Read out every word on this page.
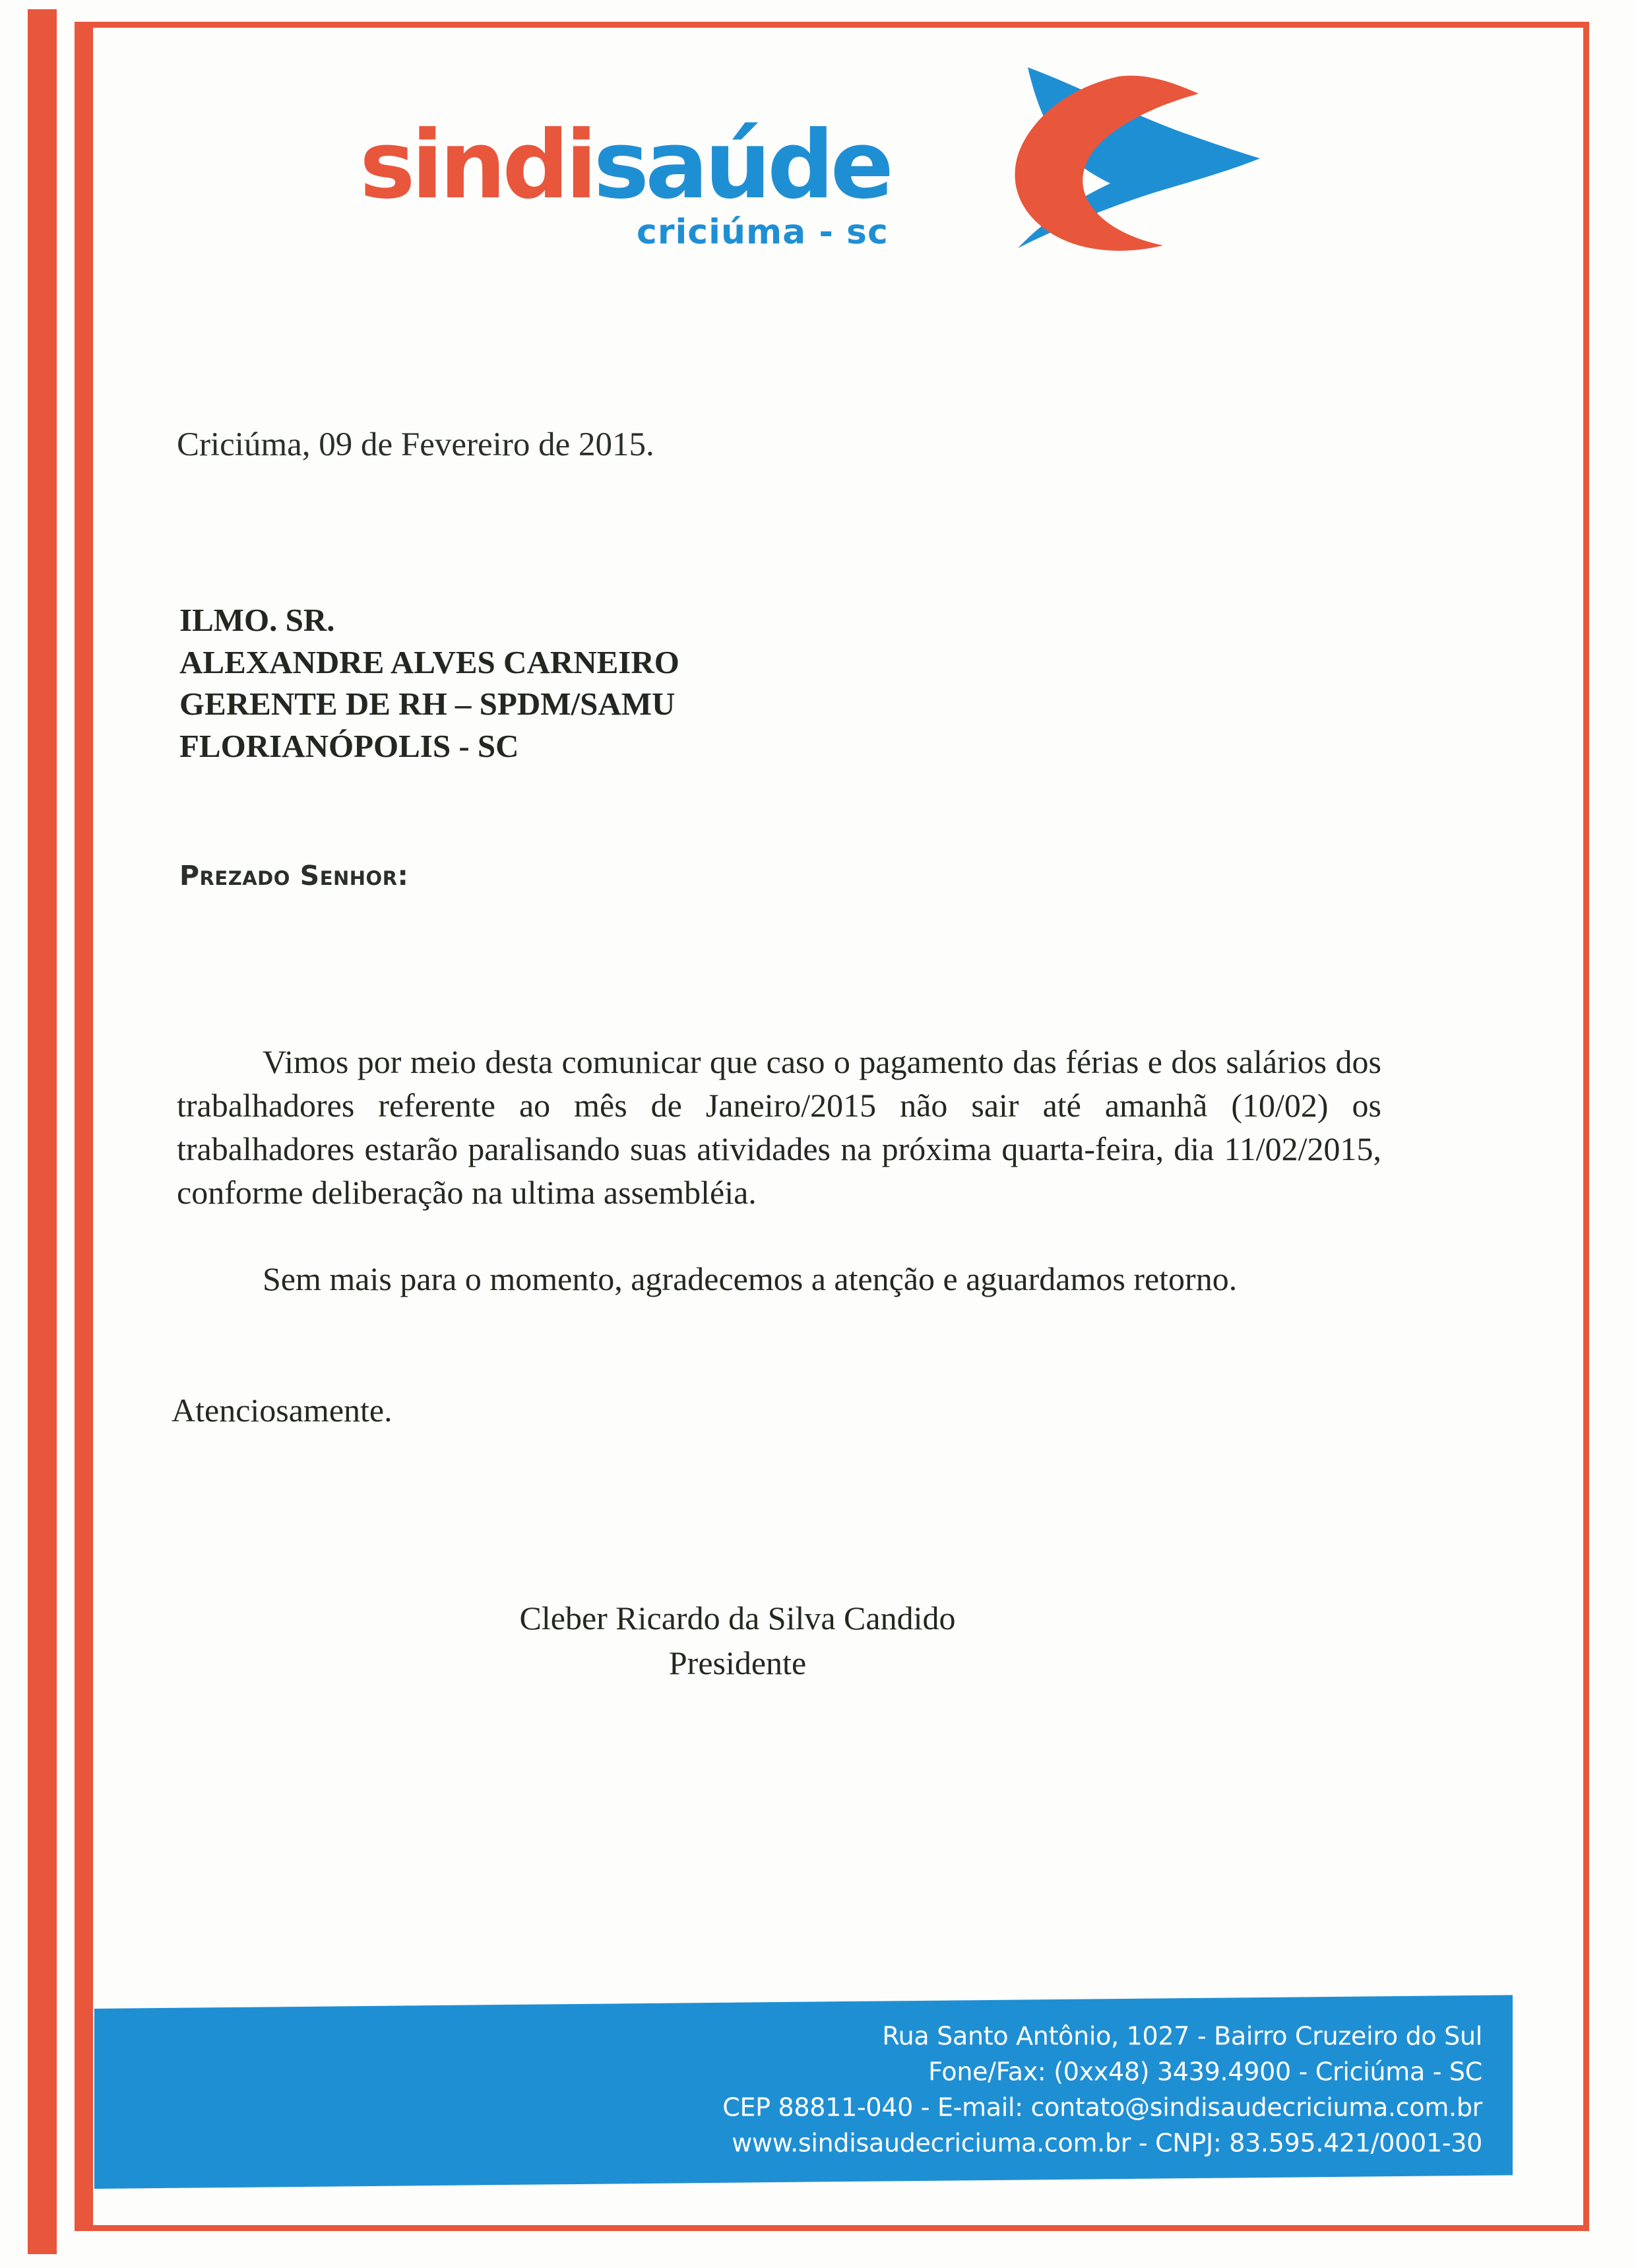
sindisaúde
criciúma - sc
Criciúma, 09 de Fevereiro de 2015.
ILMO. SR.
ALEXANDRE ALVES CARNEIRO
GERENTE DE RH – SPDM/SAMU
FLORIANÓPOLIS - SC
Prezado Senhor:
Vimos por meio desta comunicar que caso o pagamento das férias e dos salários dos trabalhadores referente ao mês de Janeiro/2015 não sair até amanhã (10/02) os trabalhadores estarão paralisando suas atividades na próxima quarta-feira, dia 11/02/2015, conforme deliberação na ultima assembléia.
Sem mais para o momento, agradecemos a atenção e aguardamos retorno.
Atenciosamente.
Cleber Ricardo da Silva Candido
Presidente
Rua Santo Antônio, 1027 - Bairro Cruzeiro do Sul
Fone/Fax: (0xx48) 3439.4900 - Criciúma - SC
CEP 88811-040 - E-mail: contato@sindisaudecriciuma.com.br
www.sindisaudecriciuma.com.br - CNPJ: 83.595.421/0001-30
